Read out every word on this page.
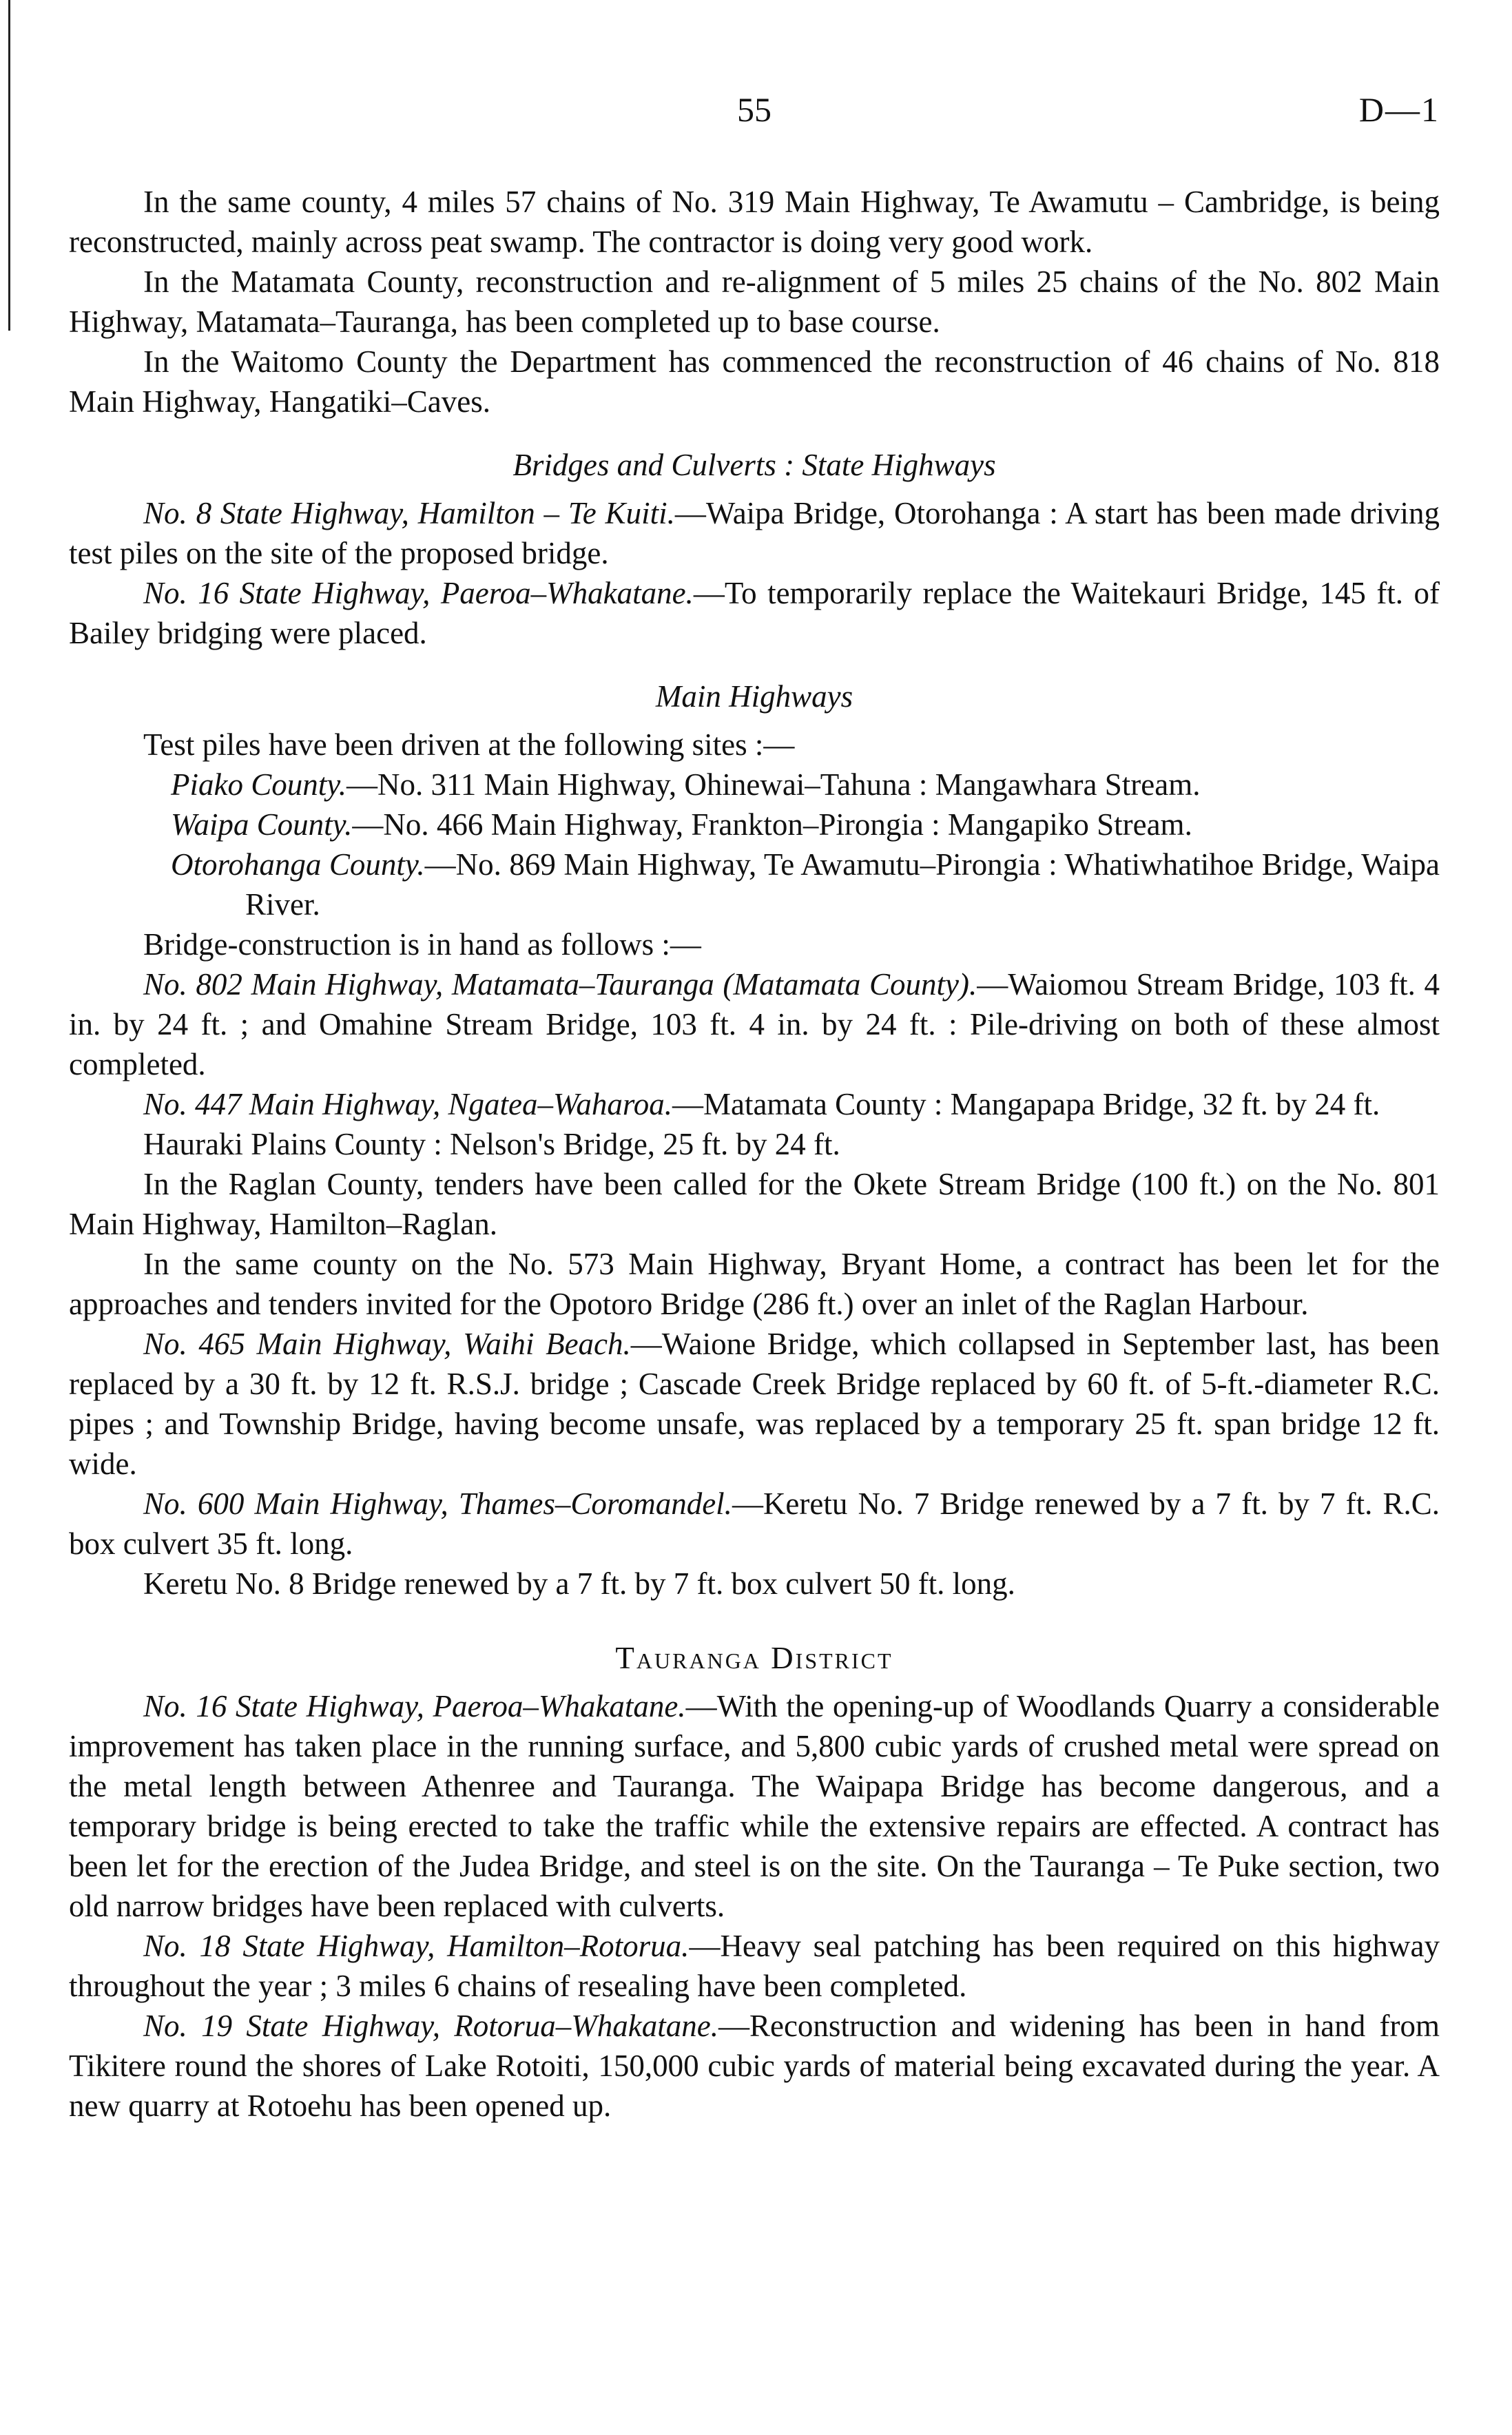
55	D—1

In the same county, 4 miles 57 chains of No. 319 Main Highway, Te Awamutu – Cambridge, is being reconstructed, mainly across peat swamp. The contractor is doing very good work.

In the Matamata County, reconstruction and re-alignment of 5 miles 25 chains of the No. 802 Main Highway, Matamata–Tauranga, has been completed up to base course.

In the Waitomo County the Department has commenced the reconstruction of 46 chains of No. 818 Main Highway, Hangatiki–Caves.

Bridges and Culverts : State Highways

No. 8 State Highway, Hamilton – Te Kuiti.—Waipa Bridge, Otorohanga : A start has been made driving test piles on the site of the proposed bridge.

No. 16 State Highway, Paeroa–Whakatane.—To temporarily replace the Waitekauri Bridge, 145 ft. of Bailey bridging were placed.

Main Highways

Test piles have been driven at the following sites :—

Piako County.—No. 311 Main Highway, Ohinewai–Tahuna : Mangawhara Stream.

Waipa County.—No. 466 Main Highway, Frankton–Pirongia : Mangapiko Stream.

Otorohanga County.—No. 869 Main Highway, Te Awamutu–Pirongia : Whatiwhatihoe Bridge, Waipa River.

Bridge-construction is in hand as follows :—

No. 802 Main Highway, Matamata–Tauranga (Matamata County).—Waiomou Stream Bridge, 103 ft. 4 in. by 24 ft. ; and Omahine Stream Bridge, 103 ft. 4 in. by 24 ft. : Pile-driving on both of these almost completed.

No. 447 Main Highway, Ngatea–Waharoa.—Matamata County : Mangapapa Bridge, 32 ft. by 24 ft.

Hauraki Plains County : Nelson's Bridge, 25 ft. by 24 ft.

In the Raglan County, tenders have been called for the Okete Stream Bridge (100 ft.) on the No. 801 Main Highway, Hamilton–Raglan.

In the same county on the No. 573 Main Highway, Bryant Home, a contract has been let for the approaches and tenders invited for the Opotoro Bridge (286 ft.) over an inlet of the Raglan Harbour.

No. 465 Main Highway, Waihi Beach.—Waione Bridge, which collapsed in September last, has been replaced by a 30 ft. by 12 ft. R.S.J. bridge ; Cascade Creek Bridge replaced by 60 ft. of 5-ft.-diameter R.C. pipes ; and Township Bridge, having become unsafe, was replaced by a temporary 25 ft. span bridge 12 ft. wide.

No. 600 Main Highway, Thames–Coromandel.—Keretu No. 7 Bridge renewed by a 7 ft. by 7 ft. R.C. box culvert 35 ft. long.

Keretu No. 8 Bridge renewed by a 7 ft. by 7 ft. box culvert 50 ft. long.

Tauranga District

No. 16 State Highway, Paeroa–Whakatane.—With the opening-up of Woodlands Quarry a considerable improvement has taken place in the running surface, and 5,800 cubic yards of crushed metal were spread on the metal length between Athenree and Tauranga. The Waipapa Bridge has become dangerous, and a temporary bridge is being erected to take the traffic while the extensive repairs are effected. A contract has been let for the erection of the Judea Bridge, and steel is on the site. On the Tauranga – Te Puke section, two old narrow bridges have been replaced with culverts.

No. 18 State Highway, Hamilton–Rotorua.—Heavy seal patching has been required on this highway throughout the year ; 3 miles 6 chains of resealing have been completed.

No. 19 State Highway, Rotorua–Whakatane.—Reconstruction and widening has been in hand from Tikitere round the shores of Lake Rotoiti, 150,000 cubic yards of material being excavated during the year. A new quarry at Rotoehu has been opened up.
